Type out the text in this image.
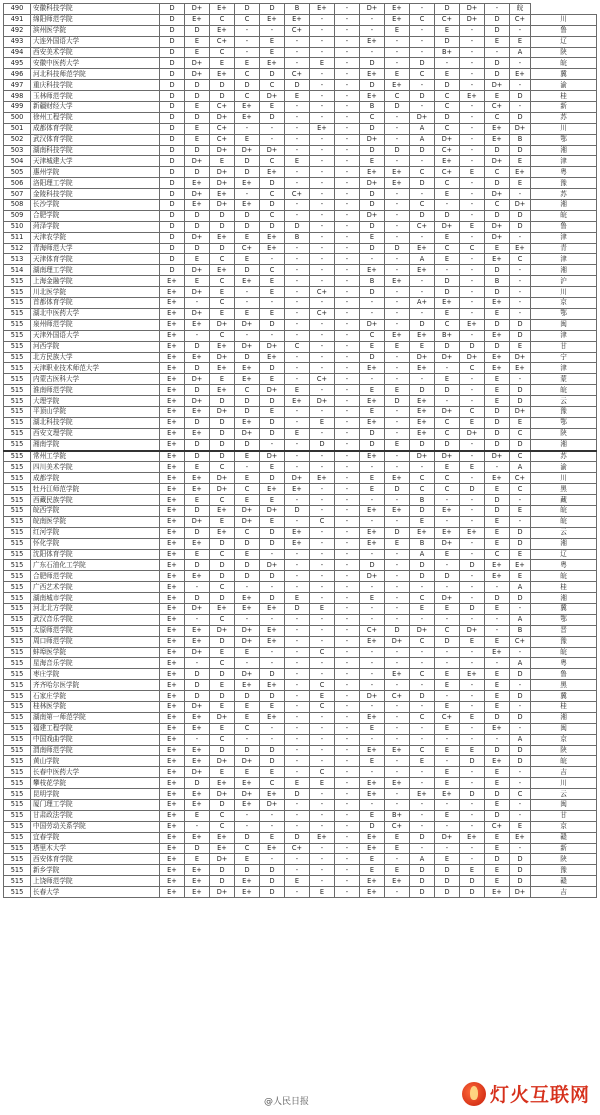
490	安徽科技学院	D	D+	E+	D	D	B	E+	-	D+	E+	-	D	D+	-	皖	
491	绵阳师范学院	D	E+	C	C	E+	E+	-	-	-	E+	C	C+	D+	D	C+	川
492	滨州医学院	D	D	E+	-	-	C+	-	-	-	E	-	E	-	D	-	鲁
493	大连外国语大学	D	E	C+	-	E	-	-	-	E+	-	-	D	-	E	E	辽
494	西安美术学院	D	E	C	-	E	-	-	-	-	-	-	B+	-	-	A	陕
495	安徽中医药大学	D	D+	E	E	E+	-	E	-	D	-	D	-	-	D	-	皖
496	河北科技师范学院	D	D+	E+	C	D	C+	-	-	E+	E	C	E	-	D	E+	冀
497	重庆科技学院	D	D	D	D	C	D	-	-	D	E+	-	D	-	D+	-	渝
498	玉林师范学院	D	D	D	C	D+	E	-	-	E+	C	D	C	E+	E	D	桂
499	新疆财经大学	D	E	C+	E+	E	-	-	-	B	D	-	C	-	C+	-	新
500	徐州工程学院	D	D	D+	E+	D	-	-	-	C	-	D+	D	-	C	D	苏
501	成都体育学院	D	E	C+	-	-	-	E+	-	D	-	A	C	-	E+	D+	川
502	武汉体育学院	D	E	C+	E	-	-	-	-	D+	-	A	D+	-	E+	B	鄂
503	湖南科技学院	D	D	D+	D+	D+	-	-	-	D	D	D	C+	-	D	D	湘
504	天津城建大学	D	D+	E	D	C	E	-	-	E	-	-	E+	-	D+	E	津
505	惠州学院	D	D	D+	D	E+	-	-	-	E+	E+	C	C+	E	C	E+	粤
506	洛阳理工学院	D	E+	D+	E+	D	-	-	-	D+	E+	D	C	-	D	E	豫
507	金陵科技学院	D	D+	E+	-	C	C+	-	-	D	-	-	E	-	D+	-	苏
508	长沙学院	D	E+	D+	E+	D	-	-	-	D	-	C	-	-	C	D+	湘
509	合肥学院	D	D	D	D	C	-	-	-	D+	-	D	D	-	D	D	皖
510	菏泽学院	D	D	D	D	D	D	-	-	D	-	C+	D+	E	D+	D	鲁
511	天津农学院	D	D+	E+	E	E+	B	-	-	E	-	-	E	-	D+	-	津
512	青海师范大学	D	D	D	C+	E+	-	-	-	D	D	E+	C	C	E	E+	青
513	天津体育学院	D	E	C	E	-	-	-	-	-	-	A	E	-	E+	C	津
514	湖南理工学院	D	D+	E+	D	C	-	-	-	E+	-	E+	-	-	D	-	湘
515	上海金融学院	E+	E	C	E+	E	-	-	-	B	E+	-	D	-	B	-	沪
515	川北医学院	E+	D+	E	-	E	-	C+	-	D	-	-	D	-	D	-	川
515	首都体育学院	E+	-	C	-	-	-	-	-	-	-	A+	E+	-	E+	-	京
515	湖北中医药大学	E+	D+	E	E	E	-	C+	-	-	-	-	E	-	E	-	鄂
515	泉州师范学院	E+	E+	D+	D+	D	-	-	-	D+	-	D	C	E+	D	D	闽
515	天津外国语大学	E+	-	C	-	-	-	-	-	C	E+	E+	B+	-	E+	D	津
515	河西学院	E+	D	E+	D+	D+	C	-	-	E	E	E	D	D	D	E	甘
515	北方民族大学	E+	E+	D+	D	E+	-	-	-	D	-	D+	D+	D+	E+	D+	宁
515	天津职业技术师范大学	E+	D	E+	E+	D	-	-	-	E+	-	E+	-	C	E+	E+	津
515	内蒙古医科大学	E+	D+	E	E+	E	-	C+	-	-	-	-	E	-	E	-	蒙
515	淮南师范学院	E+	D	E+	C	D+	E	-	-	E	E	D	D	-	E	D	皖
515	大理学院	E+	D+	D	D	D	E+	D+	-	E+	D	E+	-	-	E	D	云
515	平顶山学院	E+	E+	D+	D	E	-	-	-	E	-	E+	D+	C	D	D+	豫
515	湖北科技学院	E+	D	D	E+	D	-	E	-	E+	-	E+	C	E	D	E	鄂
515	西安文理学院	E+	E+	D	D+	D	E	-	-	D	-	E+	C	D+	D	C	陕
515	湘南学院	E+	D	D	D	-	-	D	-	D	E	D	D	-	D	D	湘
515	常州工学院	E+	D	D	E	D+	-	-	-	E+	-	D+	D+	-	D+	C	苏
515	四川美术学院	E+	E	C	-	E	-	-	-	-	-	-	E	E	-	A	渝
515	成都学院	E+	E+	D+	E	D	D+	E+	-	E	E+	C	C	-	E+	C+	川
515	牡丹江师范学院	E+	E+	D+	C	E+	E+	-	-	E	D	C	C	D	E	C	黑
515	西藏民族学院	E+	E	C	E	E	-	-	-	-	-	B	-	-	D	-	藏
515	皖西学院	E+	D	E+	D+	D+	D	-	-	E+	E+	D	E+	-	D	E	皖
515	皖南医学院	E+	D+	E	D+	E	-	C	-	-	-	E	-	-	E	-	皖
515	红河学院	E+	D	E+	C	D	E+	-	-	E+	D	E+	E+	E+	E	D	云
515	怀化学院	E+	E+	D	D	D	E+	-	-	E+	E	B	D+	-	E	D	湘
515	沈阳体育学院	E+	E	C	E	-	-	-	-	-	-	A	E	-	C	E	辽
515	广东石油化工学院	E+	D	D	D	D+	-	-	-	D	-	D	-	D	E+	E+	粤
515	合肥师范学院	E+	E+	D	D	D	-	-	-	D+	-	D	D	-	E+	E	皖
515	广西艺术学院	E+	-	C	-	-	-	-	-	-	-	-	-	-	-	A	桂
515	湖南城市学院	E+	D	D	E+	D	E	-	-	E	-	C	D+	-	D	D	湘
515	河北北方学院	E+	D+	E+	E+	E+	D	E	-	-	-	E	E	D	E	-	冀
515	武汉音乐学院	E+	-	C	-	-	-	-	-	-	-	-	-	-	-	A	鄂
515	太原师范学院	E+	E+	D+	D+	E+	-	-	-	C+	D	D+	C	D+	-	B	晋
515	周口师范学院	E+	E+	D	D+	E+	-	-	-	E+	D+	C	D	E	E	C+	豫
515	蚌埠医学院	E+	D+	E	E	-	-	C	-	-	-	-	-	-	E+	-	皖
515	星海音乐学院	E+	-	C	-	-	-	-	-	-	-	-	-	-	-	A	粤
515	枣庄学院	E+	D	D	D+	D	-	-	-	-	E+	C	E	E+	E	D	鲁
515	齐齐哈尔医学院	E+	D	E	E+	E+	-	C	-	-	-	-	E	-	E	-	黑
515	石家庄学院	E+	D	D	D	D	-	E	-	D+	C+	D	-	-	E	D	冀
515	桂林医学院	E+	D+	E	E	E	-	C	-	-	-	-	E	-	E	-	桂
515	湖南第一师范学院	E+	E+	D+	E	E+	-	-	-	E+	-	C	C+	E	D	D	湘
515	福建工程学院	E+	E+	E	C	-	-	-	-	E	-	-	E	-	E+	-	闽
515	中国戏曲学院	E+	-	C	-	-	-	-	-	-	-	-	-	-	-	A	京
515	渭南师范学院	E+	E+	D	D	D	-	-	-	E+	E+	C	E	E	D	D	陕
515	黄山学院	E+	E+	D+	D+	D	-	-	-	E	-	E	-	D	E+	D	皖
515	长春中医药大学	E+	D+	E	E	E	-	C	-	-	-	-	E	-	E	-	吉
515	攀枝花学院	E+	D	E+	E+	C	E	E	-	E+	E+	-	E	-	E	-	川
515	昆明学院	E+	E+	D+	D+	E+	D	-	-	E+	-	E+	E+	D	D	C	云
515	厦门理工学院	E+	E+	D	E+	D+	-	-	-	-	-	-	-	-	E	-	闽
515	甘肃政法学院	E+	E	C	-	-	-	-	-	E	B+	-	E	-	D	-	甘
515	中国劳动关系学院	E+	-	C	-	-	-	-	-	D	C+	-	-	-	C+	E	京
515	宜春学院	E+	E+	E+	D	E	D	E+	-	E+	E	D	D+	E+	E	E+	赣
515	塔里木大学	E+	D	E+	C	E+	C+	-	-	E+	E	-	-	-	E	-	新
515	西安体育学院	E+	E	D+	E	-	-	-	-	E	-	A	E	-	D	D	陕
515	新乡学院	E+	E+	D	D	D	-	-	-	E	E	D	D	E	E	D	豫
515	上饶师范学院	E+	E+	D	E+	D	E	-	-	E+	E+	D	D	D	E	D	赣
515	长春大学	E+	E+	D+	E+	D	-	E	-	E+	-	D	D	D	E+	D+	吉
@人民日报	灯火互联网
